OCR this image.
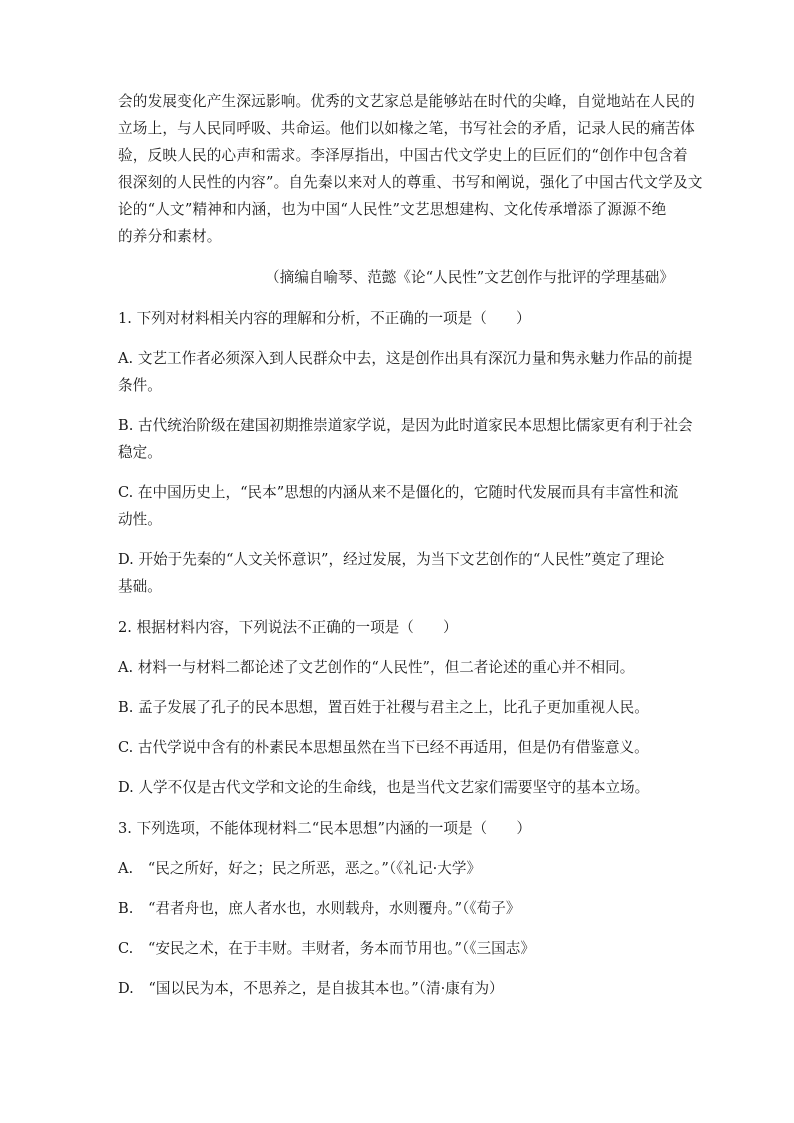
会的发展变化产生深远影响。优秀的文艺家总是能够站在时代的尖峰，自觉地站在人民的
立场上，与人民同呼吸、共命运。他们以如椽之笔，书写社会的矛盾，记录人民的痛苦体
验，反映人民的心声和需求。李泽厚指出，中国古代文学史上的巨匠们的“创作中包含着
很深刻的人民性的内容”。自先秦以来对人的尊重、书写和阐说，强化了中国古代文学及文
论的“人文”精神和内涵，也为中国“人民性”文艺思想建构、文化传承增添了源源不绝
的养分和素材。

（摘编自喻琴、范懿《论“人民性”文艺创作与批评的学理基础》

1. 下列对材料相关内容的理解和分析，不正确的一项是（　　）

A. 文艺工作者必须深入到人民群众中去，这是创作出具有深沉力量和隽永魅力作品的前提
条件。

B. 古代统治阶级在建国初期推崇道家学说，是因为此时道家民本思想比儒家更有利于社会
稳定。

C. 在中国历史上，“民本”思想的内涵从来不是僵化的，它随时代发展而具有丰富性和流
动性。

D. 开始于先秦的“人文关怀意识”，经过发展，为当下文艺创作的“人民性”奠定了理论
基础。

2. 根据材料内容，下列说法不正确的一项是（　　）

A. 材料一与材料二都论述了文艺创作的“人民性”，但二者论述的重心并不相同。

B. 孟子发展了孔子的民本思想，置百姓于社稷与君主之上，比孔子更加重视人民。

C. 古代学说中含有的朴素民本思想虽然在当下已经不再适用，但是仍有借鉴意义。

D. 人学不仅是古代文学和文论的生命线，也是当代文艺家们需要坚守的基本立场。

3. 下列选项，不能体现材料二“民本思想”内涵的一项是（　　）

A.　“民之所好，好之；民之所恶，恶之。”（《礼记·大学》

B.　“君者舟也，庶人者水也，水则载舟，水则覆舟。”（《荀子》

C.　“安民之术，在于丰财。丰财者，务本而节用也。”（《三国志》

D.　“国以民为本，不思养之，是自拔其本也。”（清·康有为）
